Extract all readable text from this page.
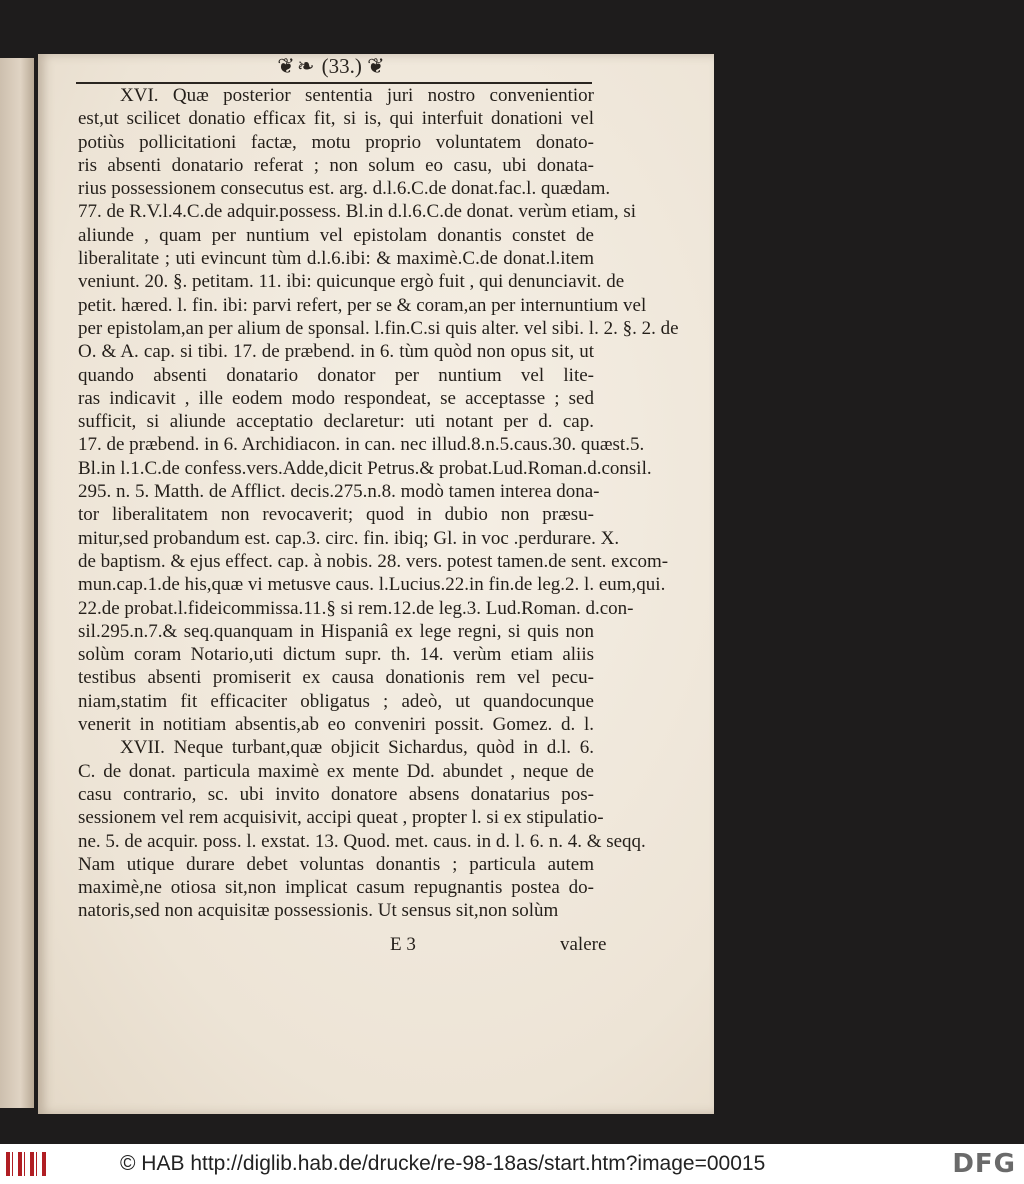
❦❧ (33.) ❦
XVI. Quæ posterior sententia juri nostro convenientior
est,ut scilicet donatio efficax fit, si is, qui interfuit donationi vel
potiùs pollicitationi factæ, motu proprio voluntatem donato-
ris absenti donatario referat ; non solum eo casu, ubi donata-
rius possessionem consecutus est. arg. d.l.6.C.de donat.fac.l. quædam.
77. de R.V.l.4.C.de adquir.possess. Bl.in d.l.6.C.de donat. verùm etiam, si
aliunde , quam per nuntium vel epistolam donantis constet de
liberalitate ; uti evincunt tùm d.l.6.ibi: & maximè.C.de donat.l.item
veniunt. 20. §. petitam. 11. ibi: quicunque ergò fuit , qui denunciavit. de
petit. hæred. l. fin. ibi: parvi refert, per se & coram,an per internuntium vel
per epistolam,an per alium de sponsal. l.fin.C.si quis alter. vel sibi. l. 2. §. 2. de
O. & A. cap. si tibi. 17. de præbend. in 6. tùm quòd non opus sit, ut
quando absenti donatario donator per nuntium vel lite-
ras indicavit , ille eodem modo respondeat, se acceptasse ; sed
sufficit, si aliunde acceptatio declaretur: uti notant per d. cap.
17. de præbend. in 6. Archidiacon. in can. nec illud.8.n.5.caus.30. quæst.5.
Bl.in l.1.C.de confess.vers.Adde,dicit Petrus.& probat.Lud.Roman.d.consil.
295. n. 5. Matth. de Afflict. decis.275.n.8. modò tamen interea dona-
tor liberalitatem non revocaverit; quod in dubio non præsu-
mitur,sed probandum est. cap.3. circ. fin. ibiq; Gl. in voc .perdurare. X.
de baptism. & ejus effect. cap. à nobis. 28. vers. potest tamen.de sent. excom-
mun.cap.1.de his,quæ vi metusve caus. l.Lucius.22.in fin.de leg.2. l. eum,qui.
22.de probat.l.fideicommissa.11.§ si rem.12.de leg.3. Lud.Roman. d.con-
sil.295.n.7.& seq.quanquam in Hispaniâ ex lege regni, si quis non
solùm coram Notario,uti dictum supr. th. 14. verùm etiam aliis
testibus absenti promiserit ex causa donationis rem vel pecu-
niam,statim fit efficaciter obligatus ; adeò, ut quandocunque
venerit in notitiam absentis,ab eo conveniri possit. Gomez. d. l.
XVII. Neque turbant,quæ objicit Sichardus, quòd in d.l. 6.
C. de donat. particula maximè ex mente Dd. abundet , neque de
casu contrario, sc. ubi invito donatore absens donatarius pos-
sessionem vel rem acquisivit, accipi queat , propter l. si ex stipulatio-
ne. 5. de acquir. poss. l. exstat. 13. Quod. met. caus. in d. l. 6. n. 4. & seqq.
Nam utique durare debet voluntas donantis ; particula autem
maximè,ne otiosa sit,non implicat casum repugnantis postea do-
natoris,sed non acquisitæ possessionis. Ut sensus sit,non solùm
E 3	valere
© HAB http://diglib.hab.de/drucke/re-98-18as/start.htm?image=00015	DFG
